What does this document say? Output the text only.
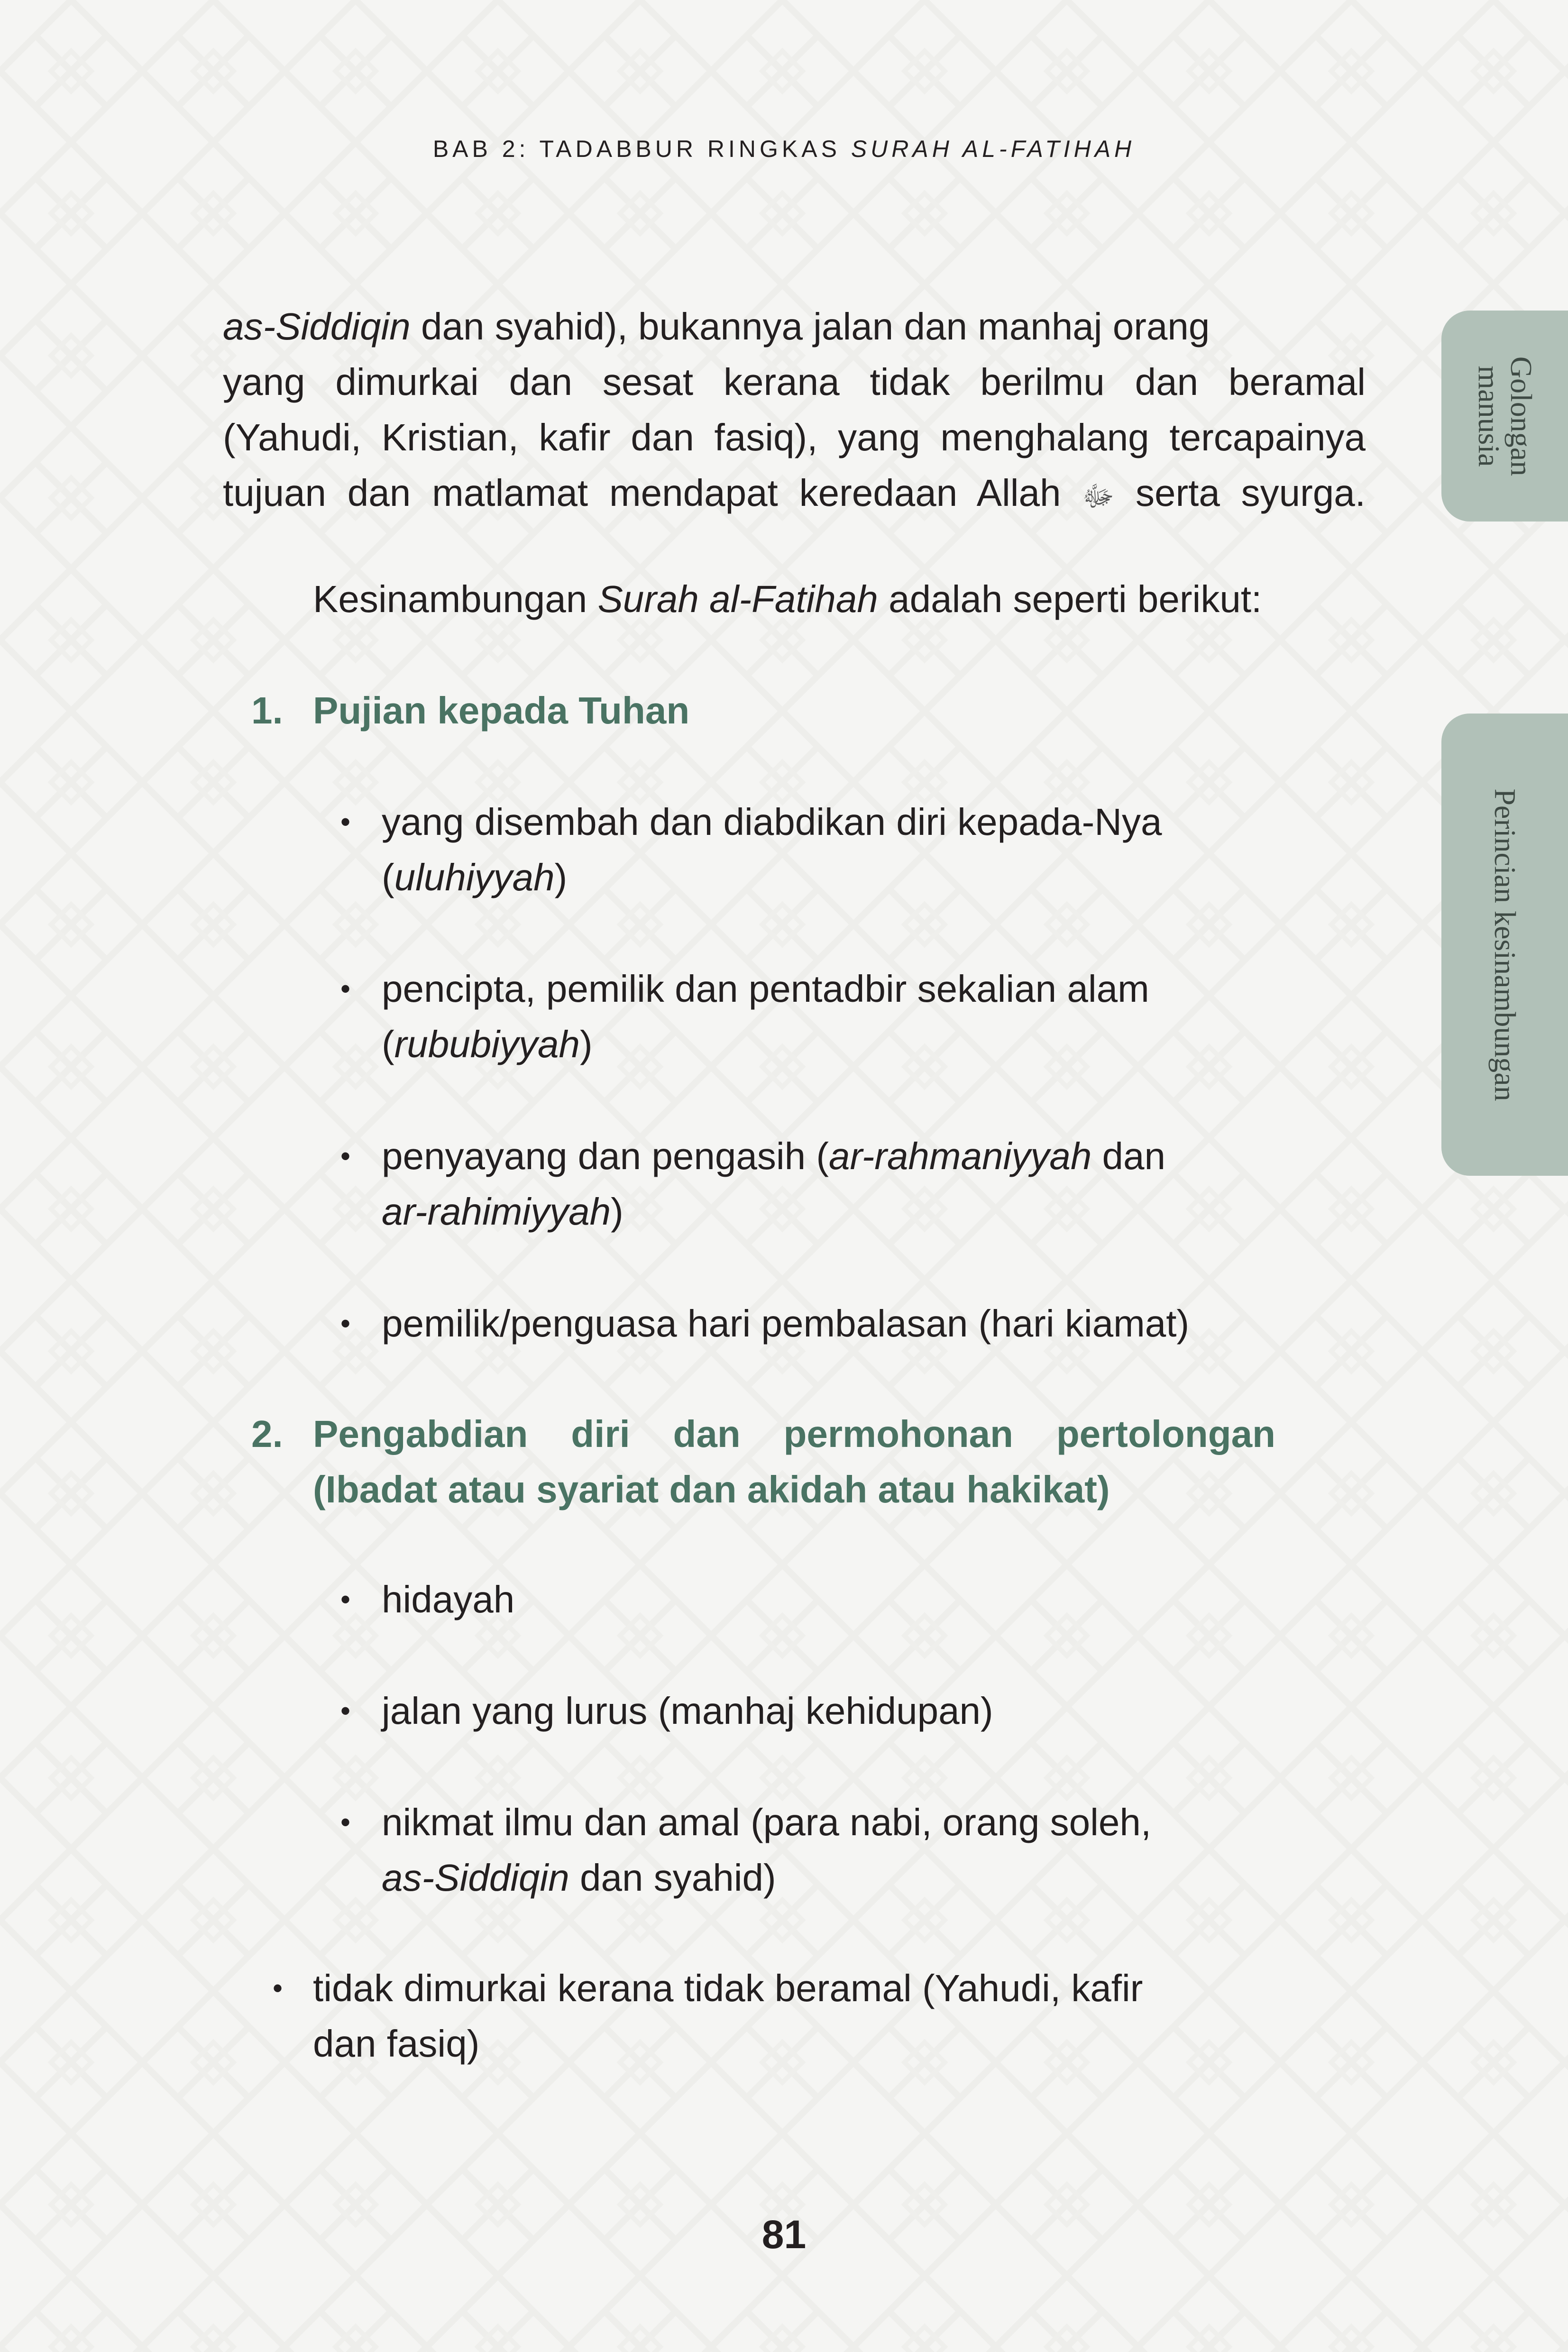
BAB 2: TADABBUR RINGKAS SURAH AL-FATIHAH
as-Siddiqin dan syahid), bukannya jalan dan manhaj orang
yang dimurkai dan sesat kerana tidak berilmu dan beramal
(Yahudi, Kristian, kafir dan fasiq), yang menghalang tercapainya
tujuan dan matlamat mendapat keredaan Allah ﷻ serta syurga.
Kesinambungan Surah al-Fatihah adalah seperti berikut:
1. Pujian kepada Tuhan
• yang disembah dan diabdikan diri kepada-Nya
(uluhiyyah)
• pencipta, pemilik dan pentadbir sekalian alam
(rububiyyah)
• penyayang dan pengasih (ar-rahmaniyyah dan
ar-rahimiyyah)
• pemilik/penguasa hari pembalasan (hari kiamat)
2. Pengabdian diri dan permohonan pertolongan
(Ibadat atau syariat dan akidah atau hakikat)
• hidayah
• jalan yang lurus (manhaj kehidupan)
• nikmat ilmu dan amal (para nabi, orang soleh,
as-Siddiqin dan syahid)
• tidak dimurkai kerana tidak beramal (Yahudi, kafir
dan fasiq)
Golongan
manusia
Perincian kesinambungan
81
